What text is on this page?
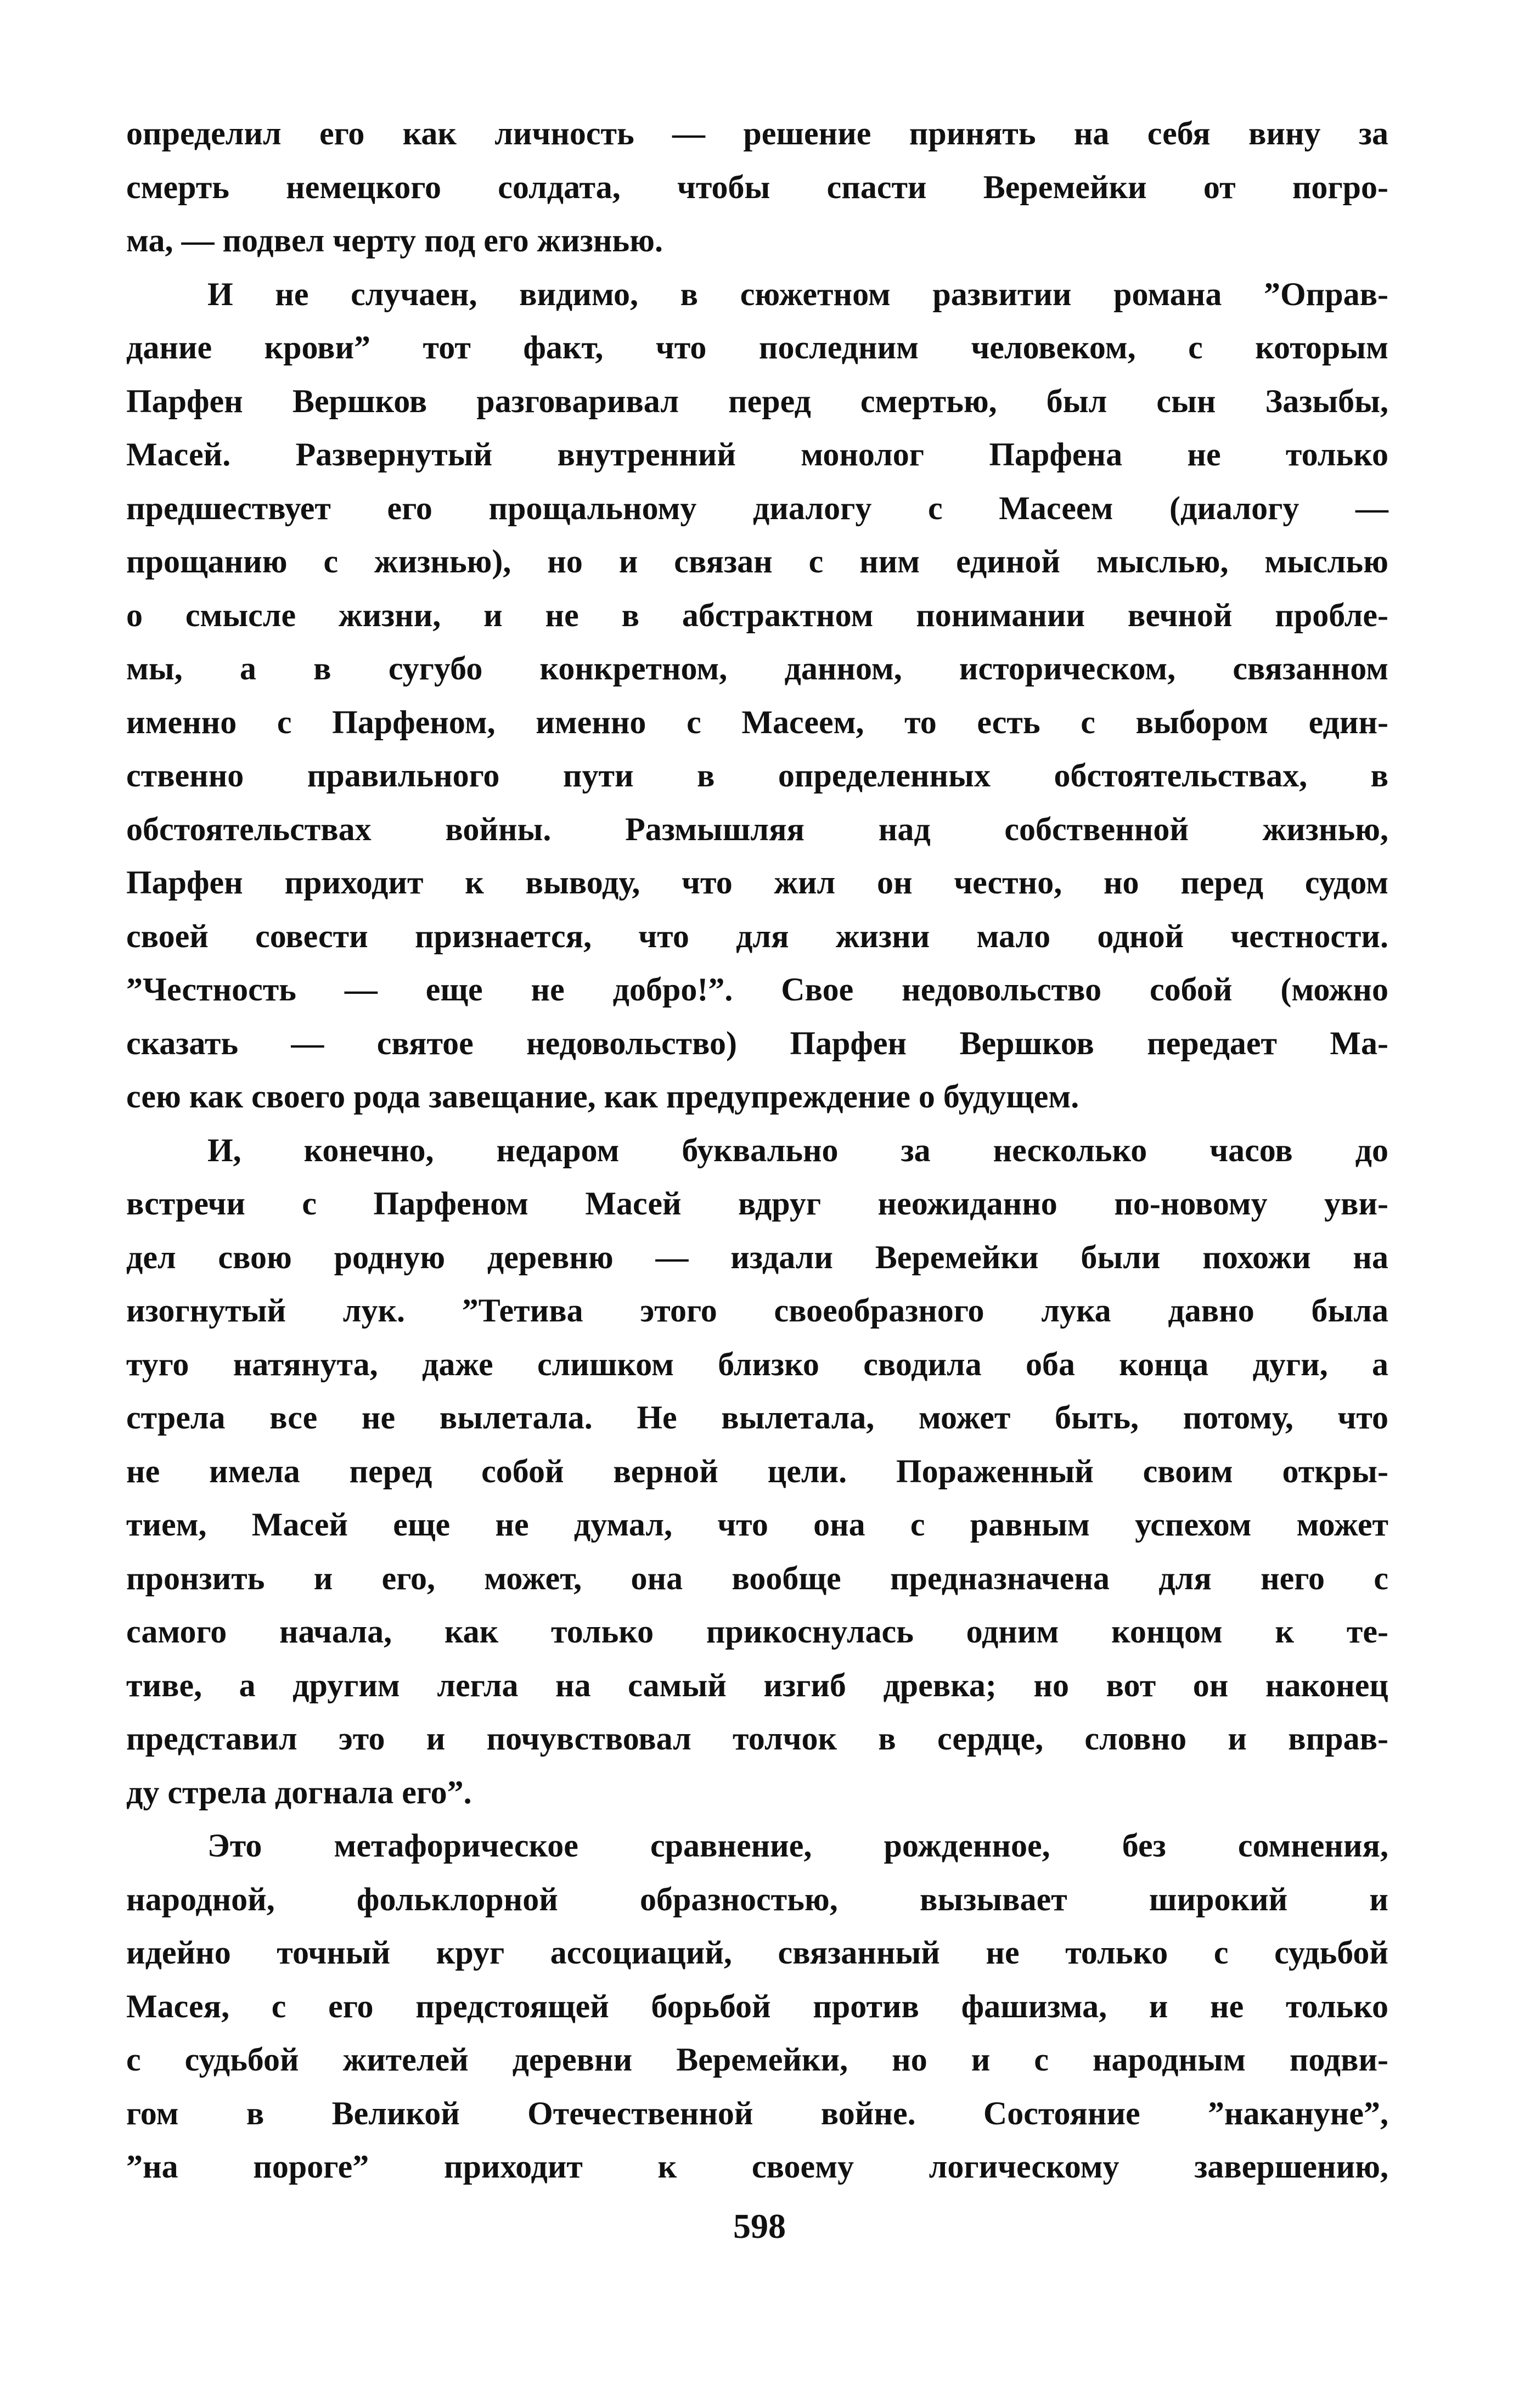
определил его как личность — решение принять на себя вину за
смерть немецкого солдата, чтобы спасти Веремейки от погро-
ма, — подвел черту под его жизнью.
И не случаен, видимо, в сюжетном развитии романа ”Оправ-
дание крови” тот факт, что последним человеком, с которым
Парфен Вершков разговаривал перед смертью, был сын Зазыбы,
Масей. Развернутый внутренний монолог Парфена не только
предшествует его прощальному диалогу с Масеем (диалогу —
прощанию с жизнью), но и связан с ним единой мыслью, мыслью
о смысле жизни, и не в абстрактном понимании вечной пробле-
мы, а в сугубо конкретном, данном, историческом, связанном
именно с Парфеном, именно с Масеем, то есть с выбором един-
ственно правильного пути в определенных обстоятельствах, в
обстоятельствах войны. Размышляя над собственной жизнью,
Парфен приходит к выводу, что жил он честно, но перед судом
своей совести признается, что для жизни мало одной честности.
”Честность — еще не добро!”. Свое недовольство собой (можно
сказать — святое недовольство) Парфен Вершков передает Ма-
сею как своего рода завещание, как предупреждение о будущем.
И, конечно, недаром буквально за несколько часов до
встречи с Парфеном Масей вдруг неожиданно по-новому уви-
дел свою родную деревню — издали Веремейки были похожи на
изогнутый лук. ”Тетива этого своеобразного лука давно была
туго натянута, даже слишком близко сводила оба конца дуги, а
стрела все не вылетала. Не вылетала, может быть, потому, что
не имела перед собой верной цели. Пораженный своим откры-
тием, Масей еще не думал, что она с равным успехом может
пронзить и его, может, она вообще предназначена для него с
самого начала, как только прикоснулась одним концом к те-
тиве, а другим легла на самый изгиб древка; но вот он наконец
представил это и почувствовал толчок в сердце, словно и вправ-
ду стрела догнала его”.
Это метафорическое сравнение, рожденное, без сомнения,
народной, фольклорной образностью, вызывает широкий и
идейно точный круг ассоциаций, связанный не только с судьбой
Масея, с его предстоящей борьбой против фашизма, и не только
с судьбой жителей деревни Веремейки, но и с народным подви-
гом в Великой Отечественной войне. Состояние ”накануне”,
”на пороге” приходит к своему логическому завершению,
598
